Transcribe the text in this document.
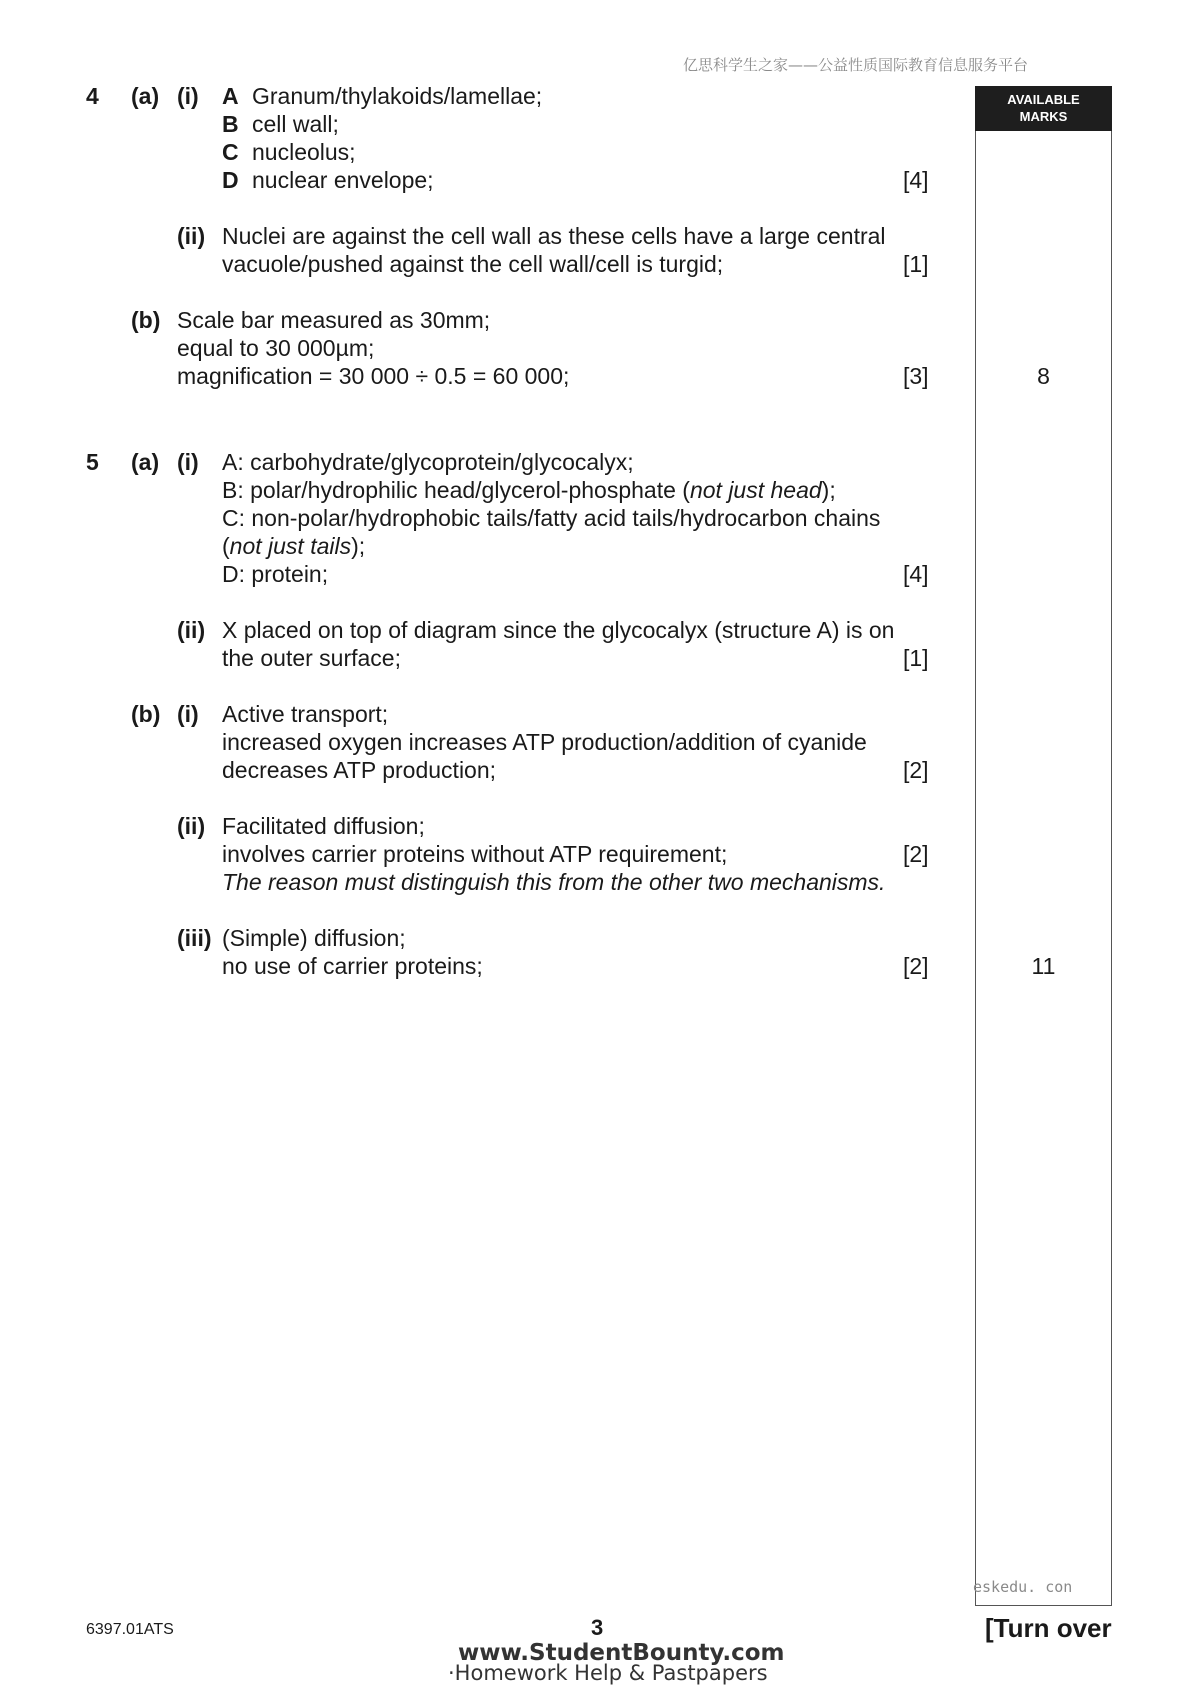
亿思科学生之家——公益性质国际教育信息服务平台
AVAILABLE
MARKS
4 (a) (i) A Granum/thylakoids/lamellae;
B cell wall;
C nucleolus;
D nuclear envelope;	[4]
(ii) Nuclei are against the cell wall as these cells have a large central
vacuole/pushed against the cell wall/cell is turgid;	[1]
(b) Scale bar measured as 30mm;
equal to 30 000µm;
magnification = 30 000 ÷ 0.5 = 60 000;	[3]	8
5 (a) (i) A: carbohydrate/glycoprotein/glycocalyx;
B: polar/hydrophilic head/glycerol-phosphate (not just head);
C: non-polar/hydrophobic tails/fatty acid tails/hydrocarbon chains
(not just tails);
D: protein;	[4]
(ii) X placed on top of diagram since the glycocalyx (structure A) is on
the outer surface;	[1]
(b) (i) Active transport;
increased oxygen increases ATP production/addition of cyanide
decreases ATP production;	[2]
(ii) Facilitated diffusion;
involves carrier proteins without ATP requirement;	[2]
The reason must distinguish this from the other two mechanisms.
(iii) (Simple) diffusion;
no use of carrier proteins;	[2]	11
eskedu. con
6397.01ATS	3	[Turn over
www.StudentBounty.com
·Homework Help & Pastpapers
